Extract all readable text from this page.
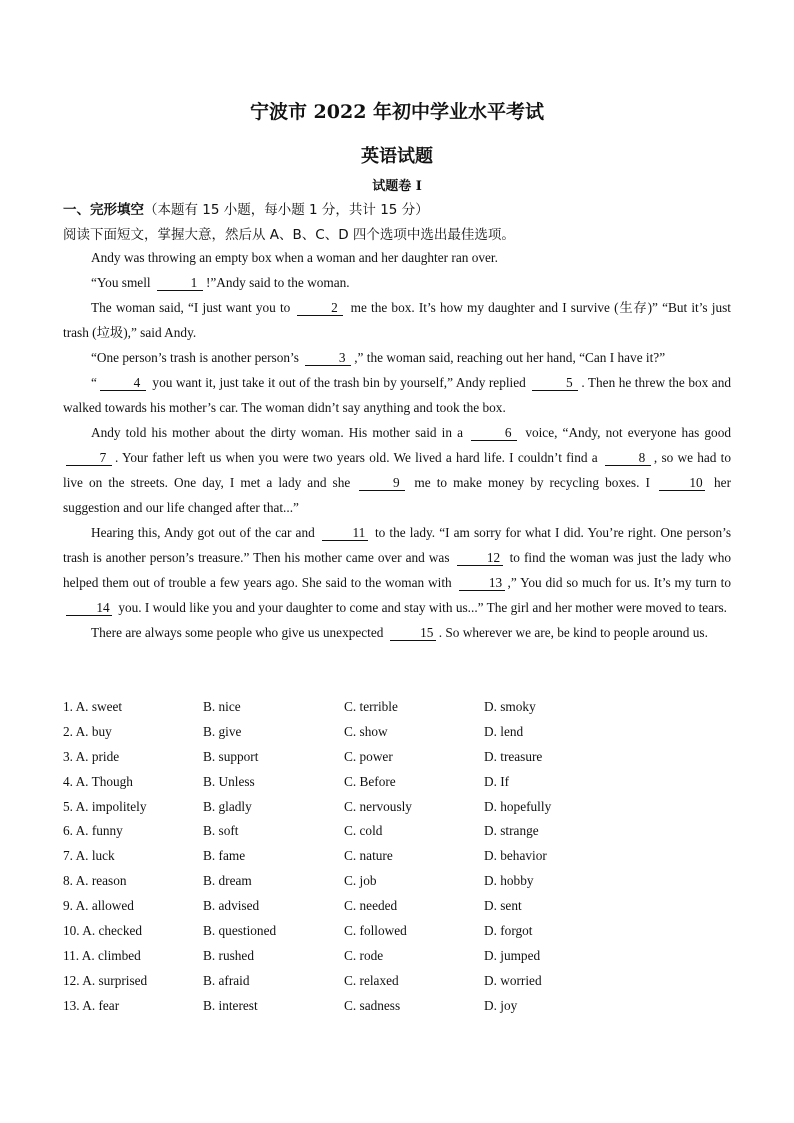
宁波市 2022 年初中学业水平考试
英语试题
试题卷 I
一、完形填空（本题有 15 小题，每小题 1 分，共计 15 分）
阅读下面短文，掌握大意，然后从 A、B、C、D 四个选项中选出最佳选项。

Andy was throwing an empty box when a woman and her daughter ran over.

“You smell	1 !”Andy said to the woman.

The woman said, “I just want you to	2 me the box. It’s how my daughter and I survive (生存)” “But it’s just trash (垃圾),” said Andy.

“One person’s trash is another person’s	3 ,” the woman said, reaching out her hand, “Can I have it?”

“	4 you want it, just take it out of the trash bin by yourself,” Andy replied	5 . Then he threw the box and walked towards his mother’s car. The woman didn’t say anything and took the box.

Andy told his mother about the dirty woman. His mother said in a	6 voice, “Andy, not everyone has good 7 . Your father left us when you were two years old. We lived a hard life. I couldn’t find a	8 , so we had to live on the streets. One day, I met a lady and she	9 me to make money by recycling boxes. I	10 her suggestion and our life changed after that...”

Hearing this, Andy got out of the car and	11 to the lady. “I am sorry for what I did. You’re right. One person’s trash is another person’s treasure.” Then his mother came over and was	12 to find the woman was just the lady who helped them out of trouble a few years ago. She said to the woman with	13 ,” You did so much for us. It’s my turn to 14 you. I would like you and your daughter to come and stay with us...” The girl and her mother were moved to tears.

There are always some people who give us unexpected	15 . So wherever we are, be kind to people around us.

1. A. sweet	B. nice	C. terrible	D. smoky
2. A. buy	B. give	C. show	D. lend
3. A. pride	B. support	C. power	D. treasure
4. A. Though	B. Unless	C. Before	D. If
5. A. impolitely	B. gladly	C. nervously	D. hopefully
6. A. funny	B. soft	C. cold	D. strange
7. A. luck	B. fame	C. nature	D. behavior
8. A. reason	B. dream	C. job	D. hobby
9. A. allowed	B. advised	C. needed	D. sent
10. A. checked	B. questioned	C. followed	D. forgot
11. A. climbed	B. rushed	C. rode	D. jumped
12. A. surprised	B. afraid	C. relaxed	D. worried
13. A. fear	B. interest	C. sadness	D. joy
